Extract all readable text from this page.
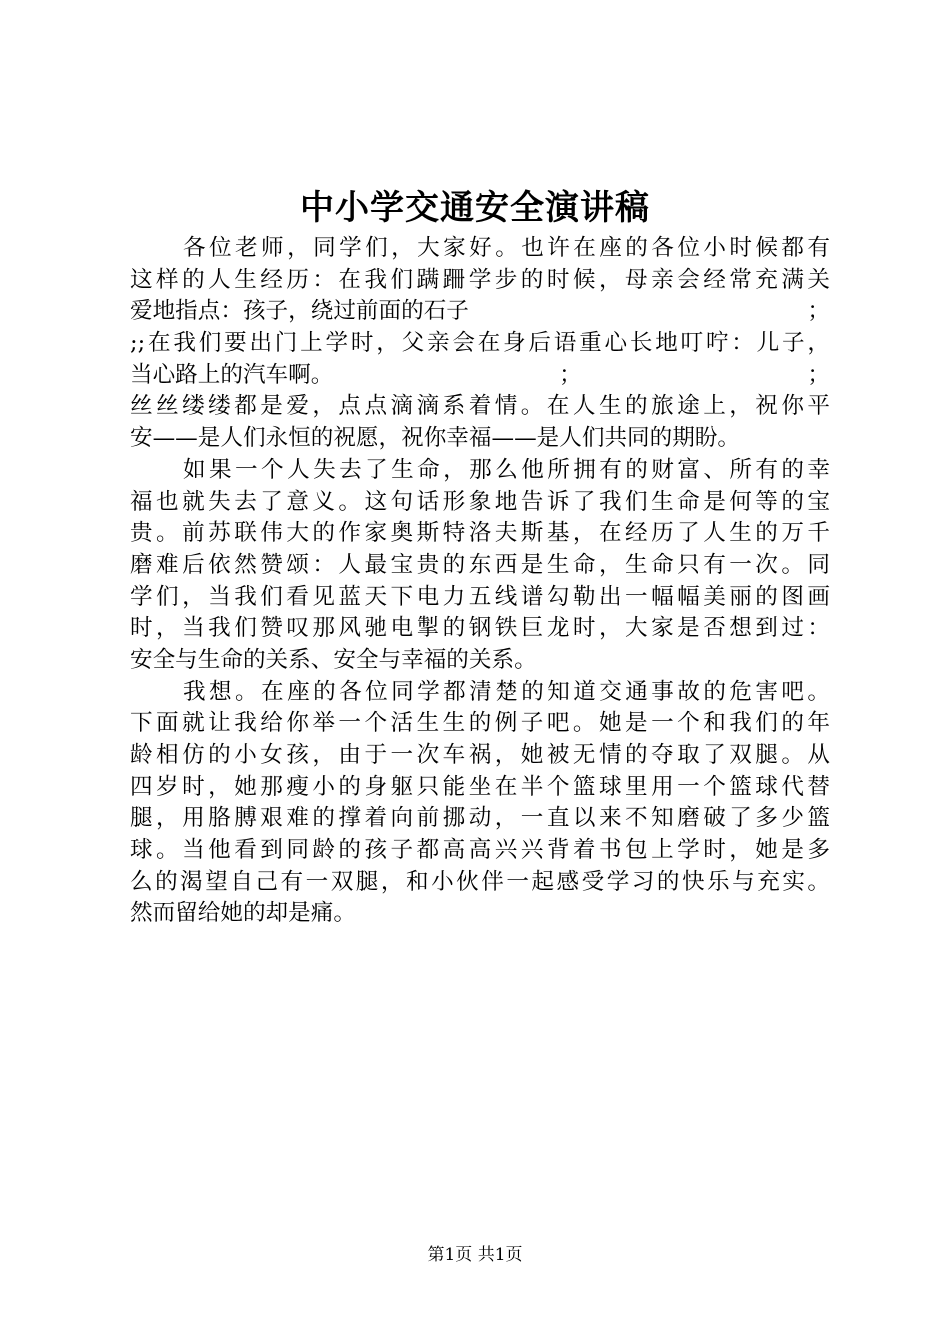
中小学交通安全演讲稿
各位老师，同学们，大家好。也许在座的各位小时候都有
这样的人生经历：在我们蹒跚学步的时候，母亲会经常充满关
爱地指点：孩子，绕过前面的石子	；
;;在我们要出门上学时，父亲会在身后语重心长地叮咛：儿子，
当心路上的汽车啊。	；	；
丝丝缕缕都是爱，点点滴滴系着情。在人生的旅途上，祝你平
安——是人们永恒的祝愿，祝你幸福——是人们共同的期盼。
如果一个人失去了生命，那么他所拥有的财富、所有的幸
福也就失去了意义。这句话形象地告诉了我们生命是何等的宝
贵。前苏联伟大的作家奥斯特洛夫斯基，在经历了人生的万千
磨难后依然赞颂：人最宝贵的东西是生命，生命只有一次。同
学们，当我们看见蓝天下电力五线谱勾勒出一幅幅美丽的图画
时，当我们赞叹那风驰电掣的钢铁巨龙时，大家是否想到过：
安全与生命的关系、安全与幸福的关系。
我想。在座的各位同学都清楚的知道交通事故的危害吧。
下面就让我给你举一个活生生的例子吧。她是一个和我们的年
龄相仿的小女孩，由于一次车祸，她被无情的夺取了双腿。从
四岁时，她那瘦小的身躯只能坐在半个篮球里用一个篮球代替
腿，用胳膊艰难的撑着向前挪动，一直以来不知磨破了多少篮
球。当他看到同龄的孩子都高高兴兴背着书包上学时，她是多
么的渴望自己有一双腿，和小伙伴一起感受学习的快乐与充实。
然而留给她的却是痛。
第1页 共1页
